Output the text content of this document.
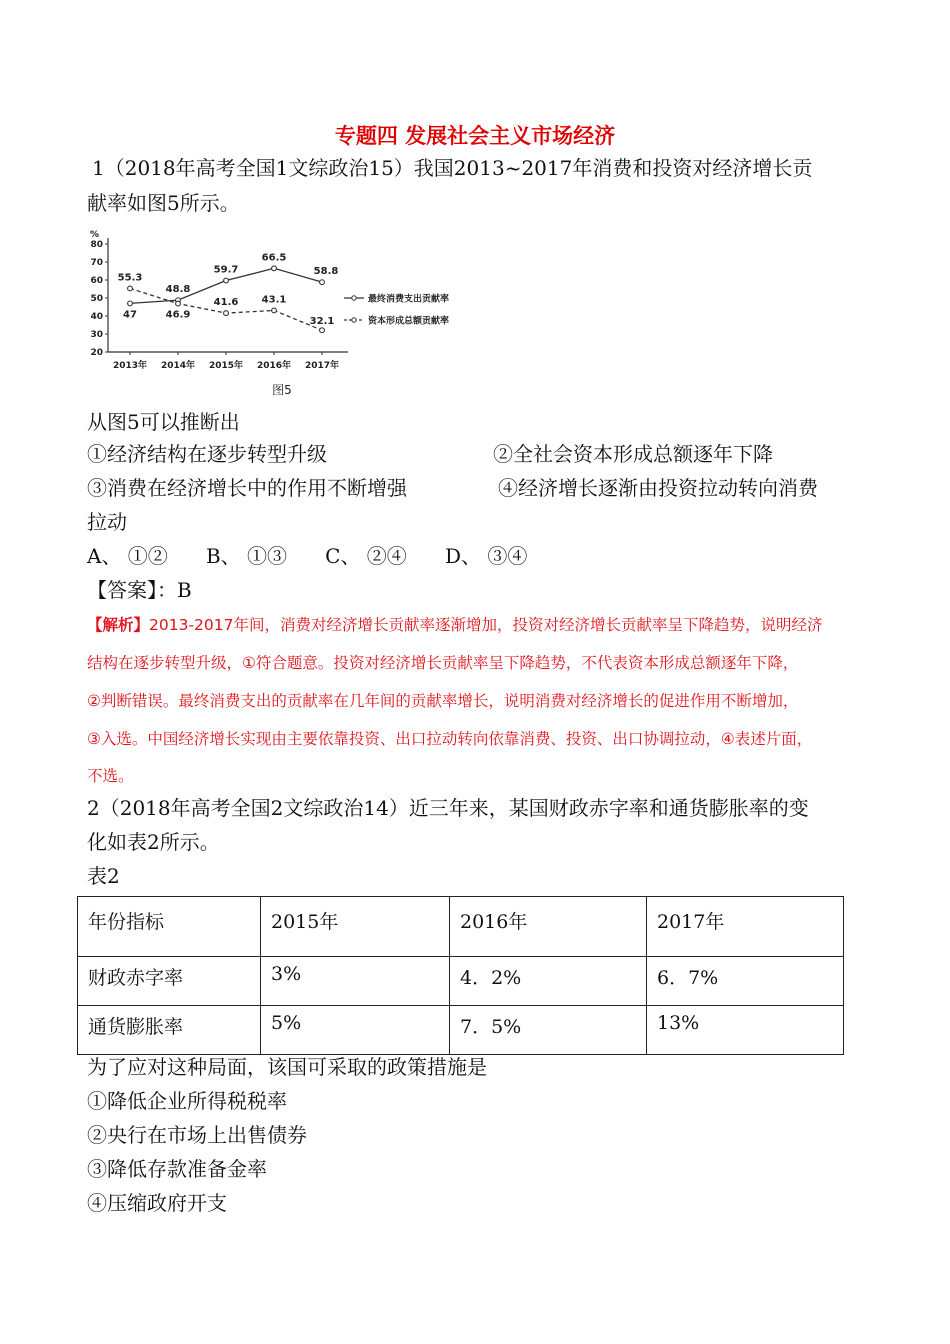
专题四 发展社会主义市场经济
1（2018年高考全国1文综政治15）我国2013~2017年消费和投资对经济增长贡
献率如图5所示。
%
20
30
40
50
60
70
80
2013年 2014年 2015年 2016年 2017年
47
48.8
59.7
66.5
58.8
55.3
46.9
41.6 43.1
32.1
最终消费支出贡献率
资本形成总额贡献率
图5
从图5可以推断出
①经济结构在逐步转型升级	②全社会资本形成总额逐年下降
③消费在经济增长中的作用不断增强	④经济增长逐渐由投资拉动转向消费
拉动
A、 ①②      B、 ①③      C、 ②④      D、 ③④
【答案】：B
【解析】2013-2017年间，消费对经济增长贡献率逐渐增加，投资对经济增长贡献率呈下降趋势，说明经济
结构在逐步转型升级，①符合题意。投资对经济增长贡献率呈下降趋势，不代表资本形成总额逐年下降，
②判断错误。最终消费支出的贡献率在几年间的贡献率增长，说明消费对经济增长的促进作用不断增加，
③入选。中国经济增长实现由主要依靠投资、出口拉动转向依靠消费、投资、出口协调拉动，④表述片面，
不选。
2（2018年高考全国2文综政治14）近三年来，某国财政赤字率和通货膨胀率的变
化如表2所示。
表2
年份指标	2015年	2016年	2017年
财政赤字率	3%	4．2%	6．7%
通货膨胀率	5%	7．5%	13%
为了应对这种局面，该国可采取的政策措施是
①降低企业所得税税率
②央行在市场上出售债券
③降低存款准备金率
④压缩政府开支
